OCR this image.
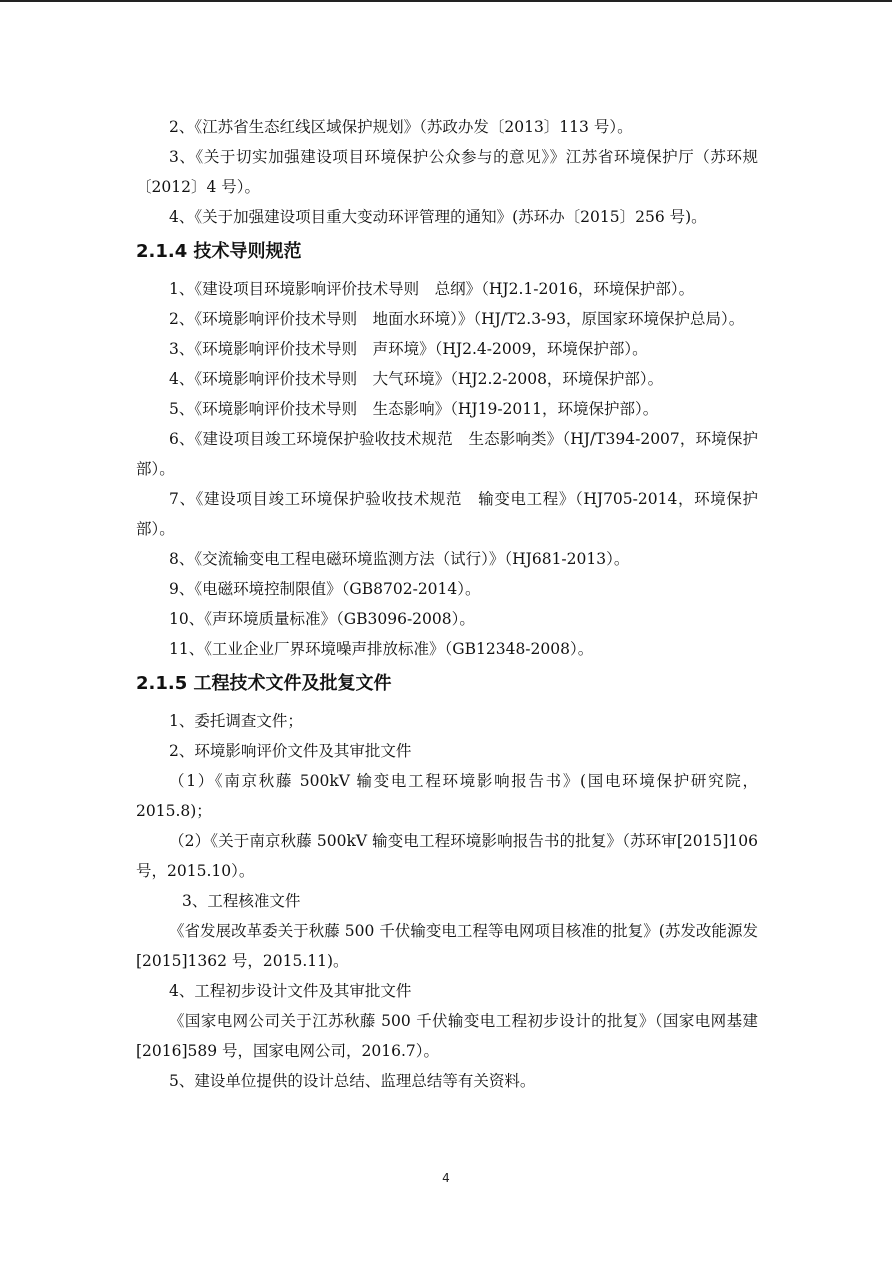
2、《江苏省生态红线区域保护规划》（苏政办发〔2013〕113 号）。

3、《关于切实加强建设项目环境保护公众参与的意见》》江苏省环境保护厅（苏环规〔2012〕4 号）。

4、《关于加强建设项目重大变动环评管理的通知》(苏环办〔2015〕256 号)。

2.1.4 技术导则规范

1、《建设项目环境影响评价技术导则　总纲》（HJ2.1-2016，环境保护部）。

2、《环境影响评价技术导则　地面水环境）》（HJ/T2.3-93，原国家环境保护总局）。

3、《环境影响评价技术导则　声环境》（HJ2.4-2009，环境保护部）。

4、《环境影响评价技术导则　大气环境》（HJ2.2-2008，环境保护部）。

5、《环境影响评价技术导则　生态影响》（HJ19-2011，环境保护部）。

6、《建设项目竣工环境保护验收技术规范　生态影响类》（HJ/T394-2007，环境保护部）。

7、《建设项目竣工环境保护验收技术规范　输变电工程》（HJ705-2014，环境保护部）。

8、《交流输变电工程电磁环境监测方法（试行）》（HJ681-2013）。

9、《电磁环境控制限值》（GB8702-2014）。

10、《声环境质量标准》（GB3096-2008）。

11、《工业企业厂界环境噪声排放标准》（GB12348-2008）。

2.1.5 工程技术文件及批复文件

1、委托调查文件；

2、环境影响评价文件及其审批文件

（1）《南京秋藤 500kV 输变电工程环境影响报告书》(国电环境保护研究院，2015.8)；

（2）《关于南京秋藤 500kV 输变电工程环境影响报告书的批复》（苏环审[2015]106 号，2015.10）。

3、工程核准文件

《省发展改革委关于秋藤 500 千伏输变电工程等电网项目核准的批复》(苏发改能源发[2015]1362 号，2015.11)。

4、工程初步设计文件及其审批文件

《国家电网公司关于江苏秋藤 500 千伏输变电工程初步设计的批复》（国家电网基建[2016]589 号，国家电网公司，2016.7）。

5、建设单位提供的设计总结、监理总结等有关资料。

4
